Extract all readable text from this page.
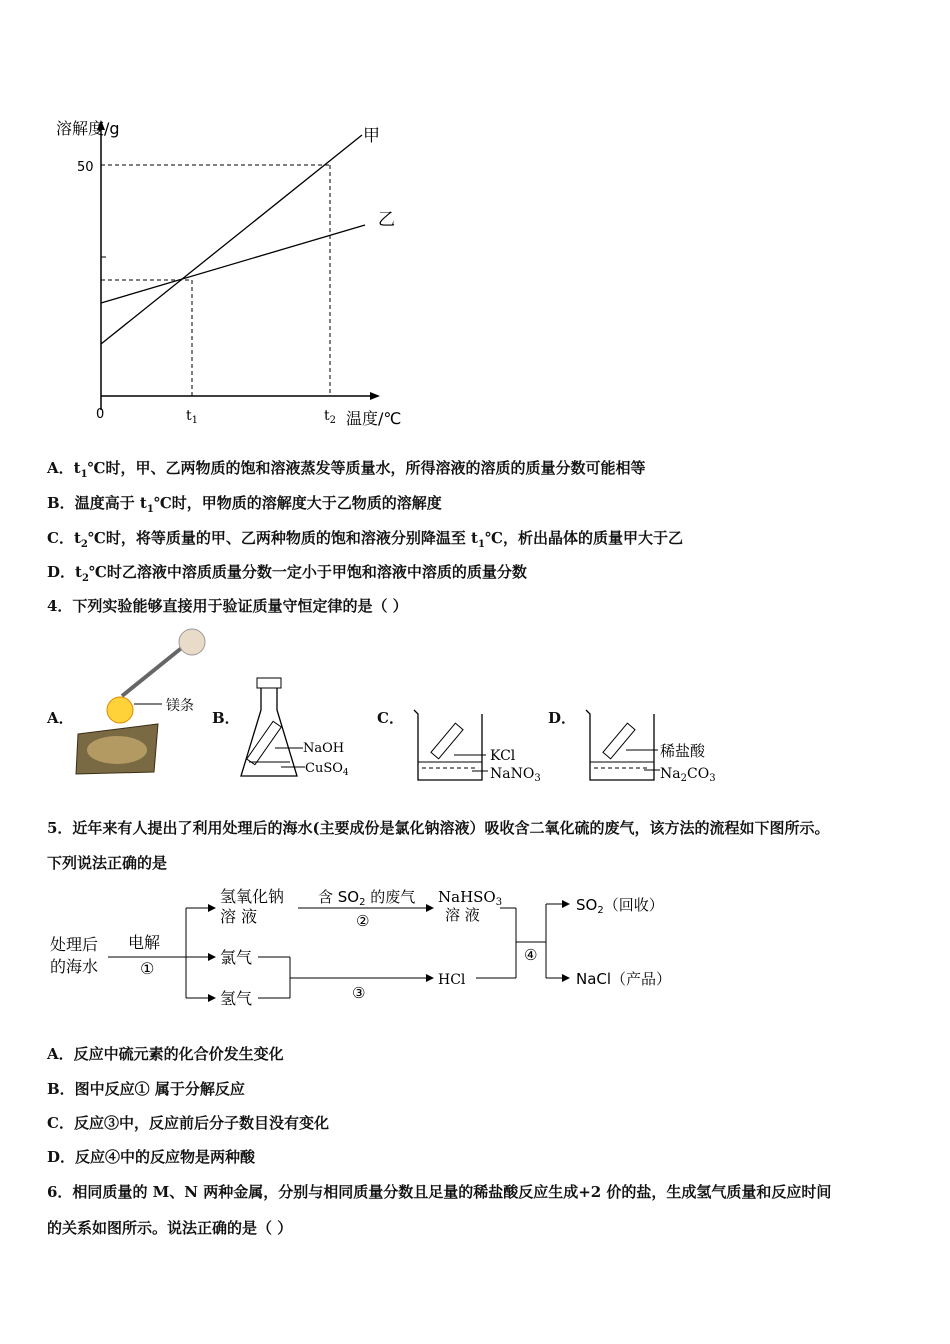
溶解度/g
50
0	$t_1$	$t_2$ 温度/℃
甲
乙
A．$t_1℃$时，甲、乙两物质的饱和溶液蒸发等质量水，所得溶液的溶质的质量分数可能相等
B．温度高于 $t_1℃$时，甲物质的溶解度大于乙物质的溶解度
C．$t_2℃$时，将等质量的甲、乙两种物质的饱和溶液分别降温至 $t_1℃$，析出晶体的质量甲大于乙
D．$t_2℃$时乙溶液中溶质质量分数一定小于甲饱和溶液中溶质的质量分数
4．下列实验能够直接用于验证质量守恒定律的是（ ）
A．
镁条
B．
NaOH
CuSO$_4$
C．
KCl
NaNO$_3$
D．
稀盐酸
$Na_2CO_3$
5．近年来有人提出了利用处理后的海水(主要成份是氯化钠溶液）吸收含二氧化硫的废气，该方法的流程如下图所示。
下列说法正确的是
处理后
的海水
电解
①
氢氧化钠
溶 液
氯气
氢气
含 $SO_2$ 的废气
②
NaHSO$_3$
溶 液
③
HCl
④
$SO_2$（回收）
NaCl（产品）
A．反应中硫元素的化合价发生变化
B．图中反应① 属于分解反应
C．反应③中，反应前后分子数目没有变化
D．反应④中的反应物是两种酸
6．相同质量的 M、N 两种金属，分别与相同质量分数且足量的稀盐酸反应生成+2 价的盐，生成氢气质量和反应时间
的关系如图所示。说法正确的是（ ）
